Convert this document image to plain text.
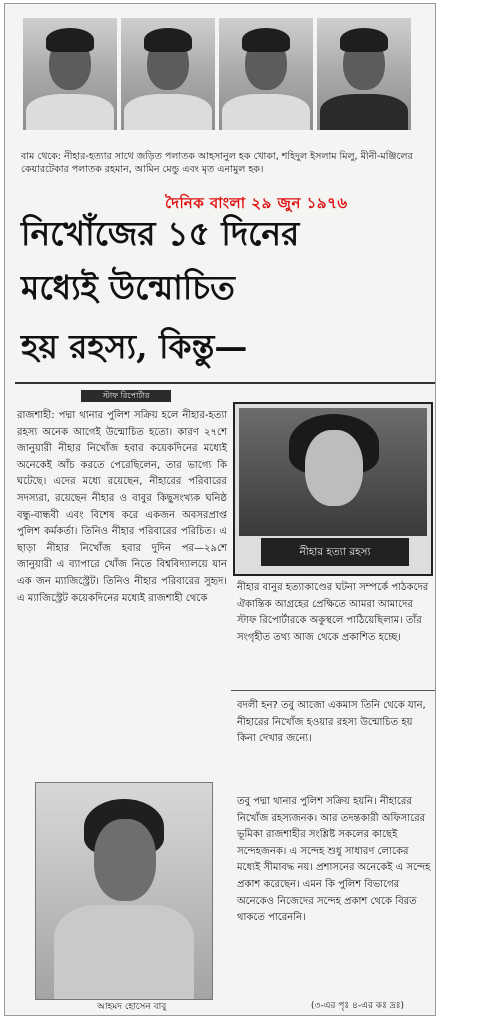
বাম থেকে: নীহার-হত্যার সাথে জড়িত পলাতক আহসানুল হক খোকা, শহিদুল ইসলাম মিলু, মীনী-মঞ্জিলের কেয়ারটেকার পলাতক রহমান, আমিন মেন্ডু এবং মৃত এনামুল হক।
দৈনিক বাংলা ২৯ জুন ১৯৭৬
নিখোঁজের ১৫ দিনের
মধ্যেই উন্মোচিত
হয় রহস্য, কিন্তু—
স্টাফ রিপোর্টার
রাজশাহী: পদ্মা থানার পুলিশ সক্রিয় হলে নীহার-হত্যা রহস্য অনেক আগেই উন্মোচিত হতো। কারণ ২৭শে জানুয়ারী নীহার নিখোঁজ হবার কয়েকদিনের মধ্যেই অনেকেই আঁচ করতে পেরেছিলেন, তার ভাগ্যে কি ঘটেছে। এদের মধ্যে রয়েছেন, নীহারের পরিবারের সদস্যরা, রয়েছেন নীহার ও বাবুর কিছুসংখ্যক ঘনিষ্ঠ বন্ধু-বান্ধবী এবং বিশেষ করে একজন অবসরপ্রাপ্ত পুলিশ কর্মকর্তা। তিনিও নীহার পরিবারের পরিচিত। এ ছাড়া নীহার নিখোঁজ হবার দুদিন পর—২৯শে জানুয়ারী এ ব্যাপারে খোঁজ নিতে বিশ্ববিদ্যালয়ে যান এক জন ম্যাজিস্ট্রেট। তিনিও নীহার পরিবারের সুহৃদ। এ ম্যাজিস্ট্রেট কয়েকদিনের মধ্যেই রাজশাহী থেকে
নীহার হত্যা রহস্য
নীহার বানুর হত্যাকাণ্ডের ঘটনা সম্পর্কে পাঠকদের ঐকান্তিক আগ্রহের প্রেক্ষিতে আমরা আমাদের স্টাফ রিপোর্টারকে অকুস্থলে পাঠিয়েছিলাম। তাঁর সংগৃহীত তথ্য আজ থেকে প্রকাশিত হচ্ছে।
বদলী হন? তবু আজো একমাস তিনি থেকে যান, নীহারের নিখোঁজ হওয়ার রহস্য উন্মোচিত হয় কিনা দেখার জন্যে।
তবু পদ্মা থানার পুলিশ সক্রিয় হয়নি। নীহারের নিখোঁজ রহস্যজনক। আর তদন্তকারী অফিসারের ভূমিকা রাজশাহীর সংশ্লিষ্ট সকলের কাছেই সন্দেহজনক। এ সন্দেহ শুধু সাধারণ লোকের মধ্যেই সীমাবদ্ধ নয়। প্রশাসনের অনেকেই এ সন্দেহ প্রকাশ করেছেন। এমন কি পুলিশ বিভাগের অনেকেও নিজেদের সন্দেহ প্রকাশ থেকে বিরত থাকতে পারেননি।
আহমদ হোসেন বাবু	(৩-এর পৃঃ ৪-এর কঃ দ্রঃ)
